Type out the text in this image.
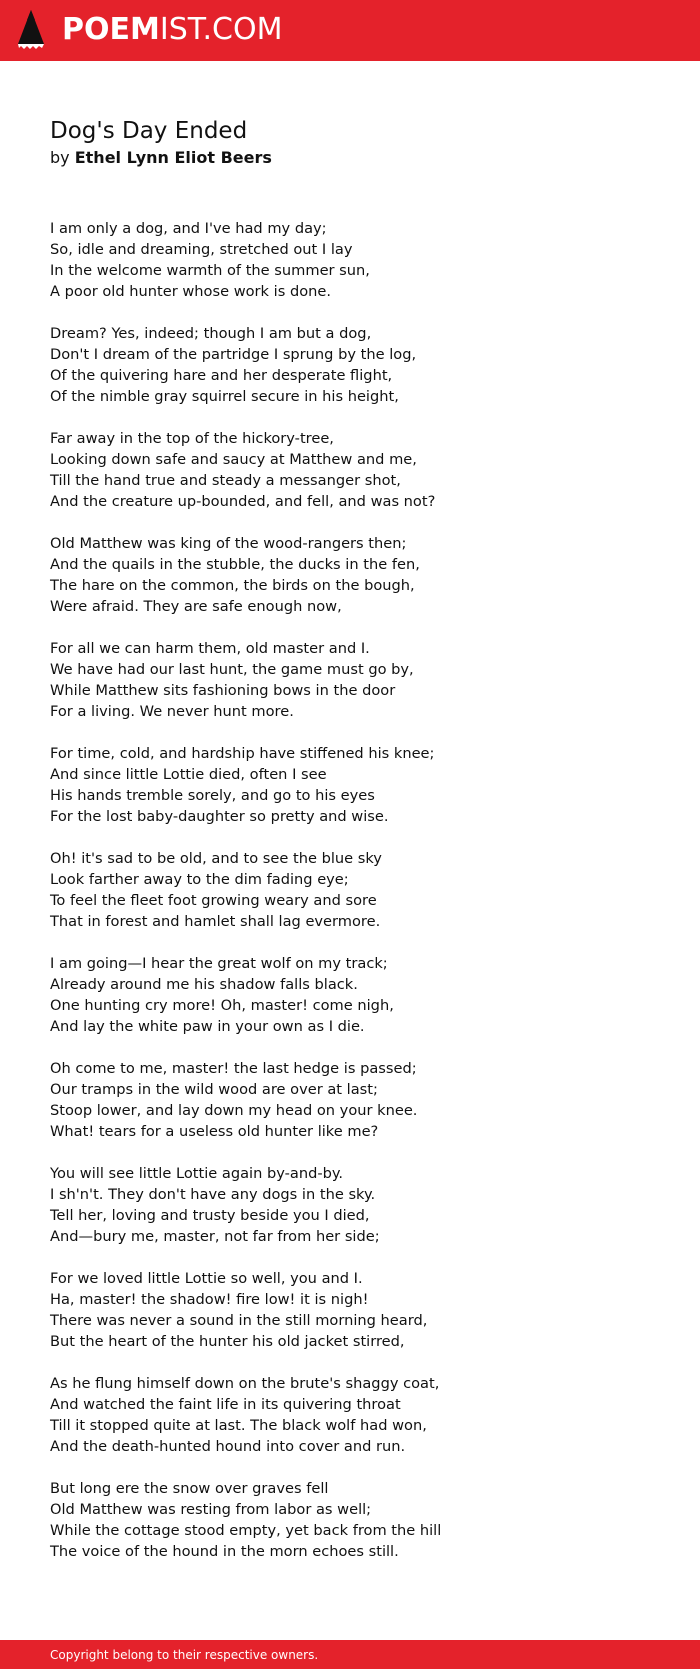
POEMIST.COM
Dog's Day Ended
by Ethel Lynn Eliot Beers
I am only a dog, and I've had my day;
So, idle and dreaming, stretched out I lay
In the welcome warmth of the summer sun,
A poor old hunter whose work is done.
Dream? Yes, indeed; though I am but a dog,
Don't I dream of the partridge I sprung by the log,
Of the quivering hare and her desperate flight,
Of the nimble gray squirrel secure in his height,
Far away in the top of the hickory-tree,
Looking down safe and saucy at Matthew and me,
Till the hand true and steady a messanger shot,
And the creature up-bounded, and fell, and was not?
Old Matthew was king of the wood-rangers then;
And the quails in the stubble, the ducks in the fen,
The hare on the common, the birds on the bough,
Were afraid. They are safe enough now,
For all we can harm them, old master and I.
We have had our last hunt, the game must go by,
While Matthew sits fashioning bows in the door
For a living. We never hunt more.
For time, cold, and hardship have stiffened his knee;
And since little Lottie died, often I see
His hands tremble sorely, and go to his eyes
For the lost baby-daughter so pretty and wise.
Oh! it's sad to be old, and to see the blue sky
Look farther away to the dim fading eye;
To feel the fleet foot growing weary and sore
That in forest and hamlet shall lag evermore.
I am going—I hear the great wolf on my track;
Already around me his shadow falls black.
One hunting cry more! Oh, master! come nigh,
And lay the white paw in your own as I die.
Oh come to me, master! the last hedge is passed;
Our tramps in the wild wood are over at last;
Stoop lower, and lay down my head on your knee.
What! tears for a useless old hunter like me?
You will see little Lottie again by-and-by.
I sh'n't. They don't have any dogs in the sky.
Tell her, loving and trusty beside you I died,
And—bury me, master, not far from her side;
For we loved little Lottie so well, you and I.
Ha, master! the shadow! fire low! it is nigh!
There was never a sound in the still morning heard,
But the heart of the hunter his old jacket stirred,
As he flung himself down on the brute's shaggy coat,
And watched the faint life in its quivering throat
Till it stopped quite at last. The black wolf had won,
And the death-hunted hound into cover and run.
But long ere the snow over graves fell
Old Matthew was resting from labor as well;
While the cottage stood empty, yet back from the hill
The voice of the hound in the morn echoes still.
Copyright belong to their respective owners.
